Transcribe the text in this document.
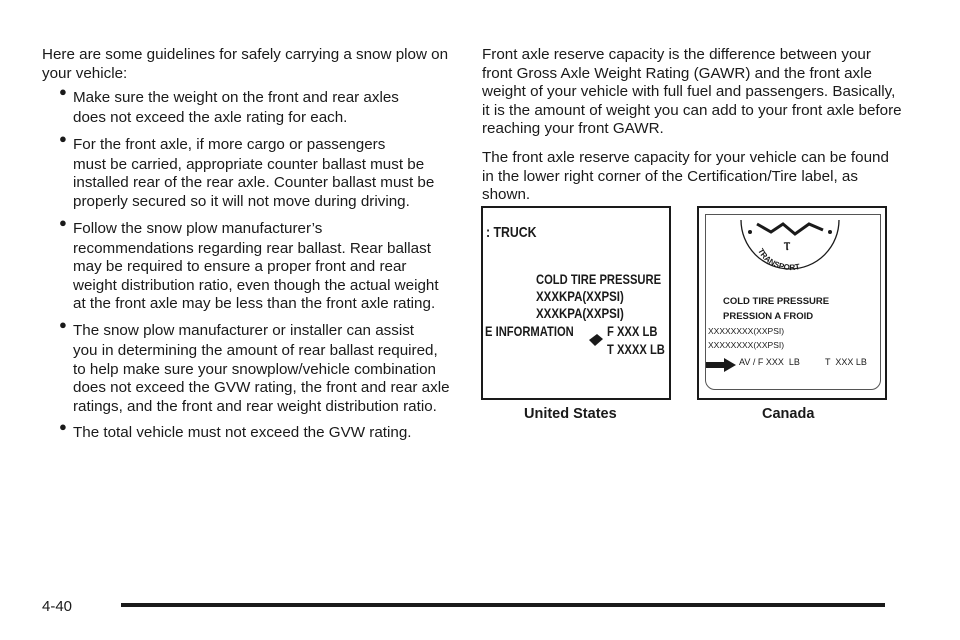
Here are some guidelines for safely carrying a snow plow on your vehicle:

● Make sure the weight on the front and rear axles
does not exceed the axle rating for each.
● For the front axle, if more cargo or passengers
must be carried, appropriate counter ballast must be installed rear of the rear axle. Counter ballast must be properly secured so it will not move during driving.
● Follow the snow plow manufacturer’s
recommendations regarding rear ballast. Rear ballast may be required to ensure a proper front and rear weight distribution ratio, even though the actual weight at the front axle may be less than the front axle rating.
● The snow plow manufacturer or installer can assist
you in determining the amount of rear ballast required, to help make sure your snowplow/vehicle combination does not exceed the GVW rating, the front and rear axle ratings, and the front and rear weight distribution ratio.
● The total vehicle must not exceed the GVW rating.

Front axle reserve capacity is the difference between your front Gross Axle Weight Rating (GAWR) and the front axle weight of your vehicle with full fuel and passengers. Basically, it is the amount of weight you can add to your front axle before reaching your front GAWR.

The front axle reserve capacity for your vehicle can be found in the lower right corner of the Certification/Tire label, as shown.

: TRUCK
COLD TIRE PRESSURE
XXXKPA(XXPSI)
XXXKPA(XXPSI)
E INFORMATION F XXX LB
T XXXX LB
Ⲧ
TRANSPORT
COLD TIRE PRESSURE
PRESSION A FROID
XXXXXXXX(XXPSI)
XXXXXXXX(XXPSI)
AV / F XXX  LB	T  XXX LB
United States	Canada
4-40
